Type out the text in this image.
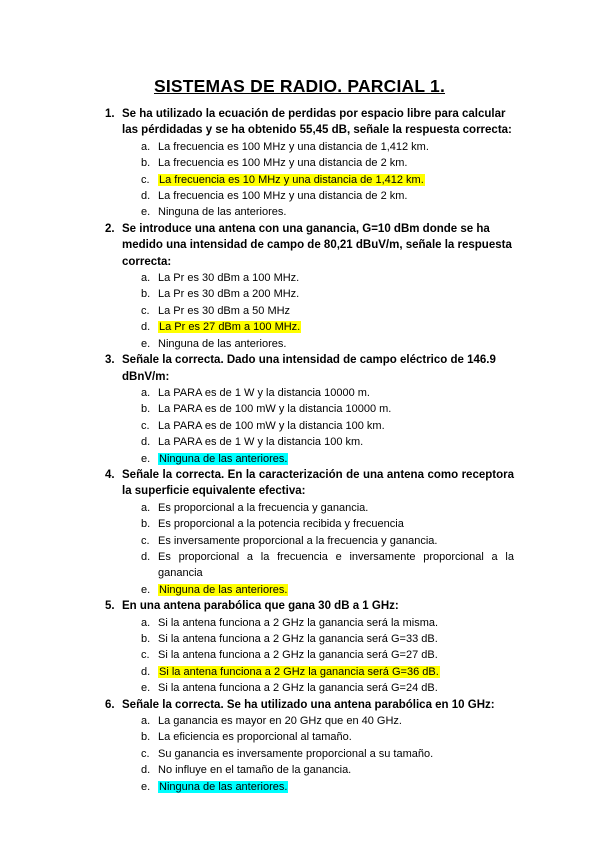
SISTEMAS DE RADIO. PARCIAL 1.
1. Se ha utilizado la ecuación de perdidas por espacio libre para calcular las pérdidadas y se ha obtenido 55,45 dB, señale la respuesta correcta:
a. La frecuencia es 100 MHz y una distancia de 1,412 km.
b. La frecuencia es 100 MHz y una distancia de 2 km.
c. La frecuencia es 10 MHz y una distancia de 1,412 km.
d. La frecuencia es 100 MHz y una distancia de 2 km.
e. Ninguna de las anteriores.
2. Se introduce una antena con una ganancia, G=10 dBm donde se ha medido una intensidad de campo de 80,21 dBuV/m, señale la respuesta correcta:
a. La Pr es 30 dBm a 100 MHz.
b. La Pr es 30 dBm a 200 MHz.
c. La Pr es 30 dBm a 50 MHz
d. La Pr es 27 dBm a 100 MHz.
e. Ninguna de las anteriores.
3. Señale la correcta. Dado una intensidad de campo eléctrico de 146.9 dBnV/m:
a. La PARA es de 1 W y la distancia 10000 m.
b. La PARA es de 100 mW y la distancia 10000 m.
c. La PARA es de 100 mW y la distancia 100 km.
d. La PARA es de 1 W y la distancia 100 km.
e. Ninguna de las anteriores.
4. Señale la correcta. En la caracterización de una antena como receptora la superficie equivalente efectiva:
a. Es proporcional a la frecuencia y ganancia.
b. Es proporcional a la potencia recibida y frecuencia
c. Es inversamente proporcional a la frecuencia y ganancia.
d. Es proporcional a la frecuencia e inversamente proporcional a la ganancia
e. Ninguna de las anteriores.
5. En una antena parabólica que gana 30 dB a 1 GHz:
a. Si la antena funciona a 2 GHz la ganancia será la misma.
b. Si la antena funciona a 2 GHz la ganancia será G=33 dB.
c. Si la antena funciona a 2 GHz la ganancia será G=27 dB.
d. Si la antena funciona a 2 GHz la ganancia será G=36 dB.
e. Si la antena funciona a 2 GHz la ganancia será G=24 dB.
6. Señale la correcta. Se ha utilizado una antena parabólica en 10 GHz:
a. La ganancia es mayor en 20 GHz que en 40 GHz.
b. La eficiencia es proporcional al tamaño.
c. Su ganancia es inversamente proporcional a su tamaño.
d. No influye en el tamaño de la ganancia.
e. Ninguna de las anteriores.
